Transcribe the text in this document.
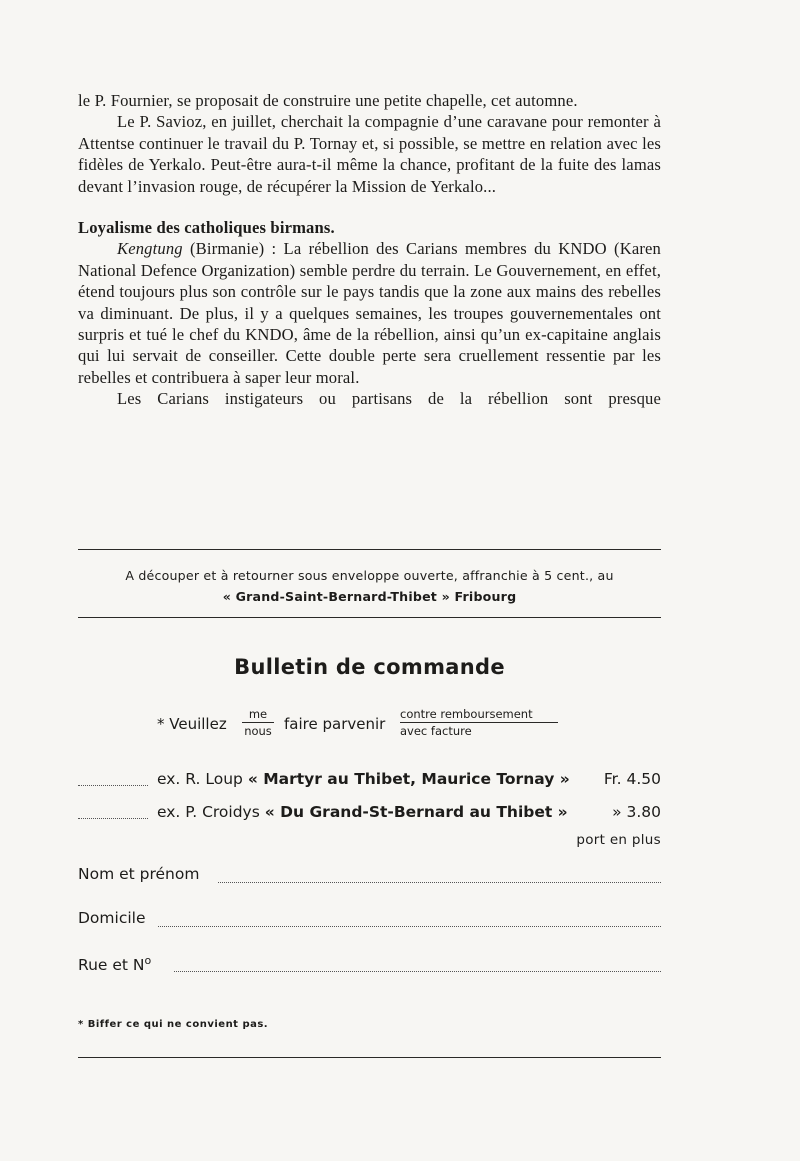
le P. Fournier, se proposait de construire une petite chapelle, cet automne.

Le P. Savioz, en juillet, cherchait la compagnie d’une caravane pour remonter à Attentse continuer le travail du P. Tornay et, si possible, se mettre en relation avec les fidèles de Yerkalo. Peut-être aura-t-il même la chance, profitant de la fuite des lamas devant l’invasion rouge, de récupérer la Mission de Yerkalo...

Loyalisme des catholiques birmans.

Kengtung (Birmanie) : La rébellion des Carians membres du KNDO (Karen National Defence Organization) semble perdre du terrain. Le Gouvernement, en effet, étend toujours plus son contrôle sur le pays tandis que la zone aux mains des rebelles va diminuant. De plus, il y a quelques semaines, les troupes gouvernementales ont surpris et tué le chef du KNDO, âme de la rébellion, ainsi qu’un ex-capitaine anglais qui lui servait de conseiller. Cette double perte sera cruellement ressentie par les rebelles et contribuera à saper leur moral.

Les Carians instigateurs ou partisans de la rébellion sont presque

A découper et à retourner sous enveloppe ouverte, affranchie à 5 cent., au
« Grand-Saint-Bernard-Thibet » Fribourg
Bulletin de commande
* Veuillez
me
nous faire parvenir
contre remboursement
avec facture
ex. R. Loup « Martyr au Thibet, Maurice Tornay » Fr. 4.50
ex. P. Croidys « Du Grand-St-Bernard au Thibet »	» 3.80
port en plus
Nom et prénom
Domicile
Rue et $N^o$
* Biffer ce qui ne convient pas.
